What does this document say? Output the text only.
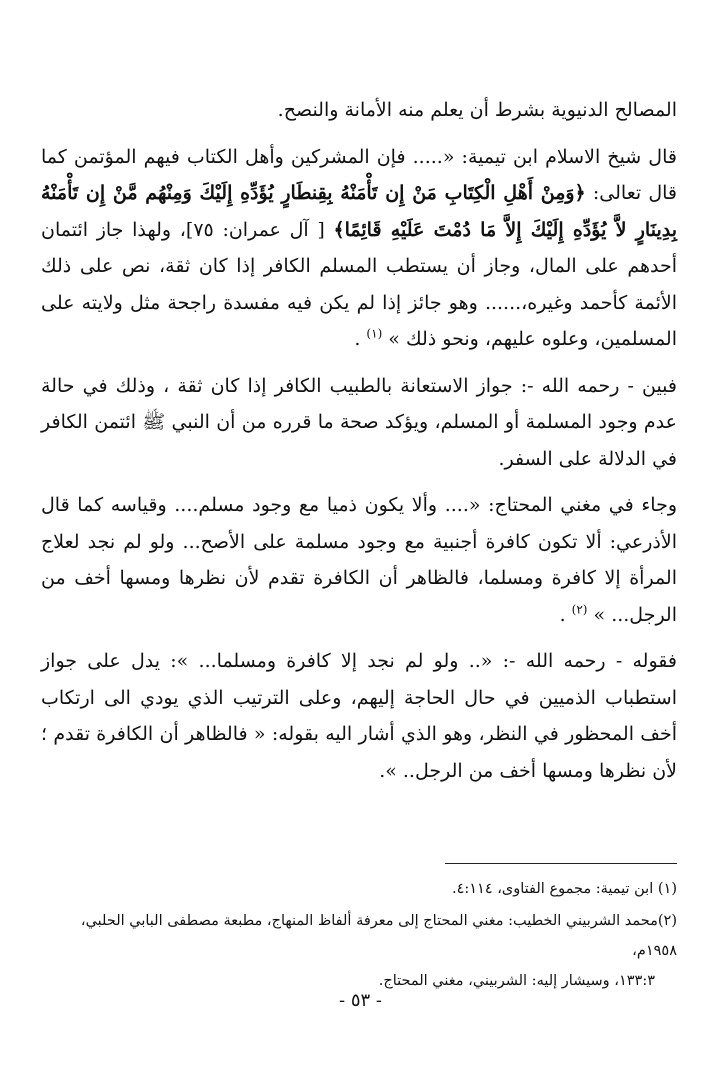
المصالح الدنيوية بشرط أن يعلم منه الأمانة والنصح.

قال شيخ الاسلام ابن تيمية: «..... فإن المشركين وأهل الكتاب فيهم المؤتمن كما قال تعالى: ﴿وَمِنْ أَهْلِ الْكِتَابِ مَنْ إِن تَأْمَنْهُ بِقِنطَارٍ يُؤَدِّهِ إِلَيْكَ وَمِنْهُم مَّنْ إِن تَأْمَنْهُ بِدِينَارٍ لاَّ يُؤَدِّهِ إِلَيْكَ إِلاَّ مَا دُمْتَ عَلَيْهِ قَائِمًا﴾ [ آل عمران: ٧٥]، ولهذا جاز ائتمان أحدهم على المال، وجاز أن يستطب المسلم الكافر إذا كان ثقة، نص على ذلك الأئمة كأحمد وغيره،...... وهو جائز إذا لم يكن فيه مفسدة راجحة مثل ولايته على المسلمين، وعلوه عليهم، ونحو ذلك » $^{(١)}$ .

فبين - رحمه الله -: جواز الاستعانة بالطبيب الكافر إذا كان ثقة ، وذلك في حالة عدم وجود المسلمة أو المسلم، ويؤكد صحة ما قرره من أن النبي ﷺ ائتمن الكافر في الدلالة على السفر.

وجاء في مغني المحتاج: «.... وألا يكون ذميا مع وجود مسلم.... وقياسه كما قال الأذرعي: ألا تكون كافرة أجنبية مع وجود مسلمة على الأصح... ولو لم نجد لعلاج المرأة إلا كافرة ومسلما، فالظاهر أن الكافرة تقدم لأن نظرها ومسها أخف من الرجل... » $^{(٢)}$ .

فقوله - رحمه الله -: «.. ولو لم نجد إلا كافرة ومسلما... »: يدل على جواز استطباب الذميين في حال الحاجة إليهم، وعلى الترتيب الذي يودي الى ارتكاب أخف المحظور في النظر، وهو الذي أشار اليه بقوله: « فالظاهر أن الكافرة تقدم ؛ لأن نظرها ومسها أخف من الرجل.. ».

(١) ابن تيمية: مجموع الفتاوى، ٤:١١٤.

(٢)محمد الشربيني الخطيب: مغني المحتاج إلى معرفة ألفاظ المنهاج، مطبعة مصطفى البابي الحلبي، ١٩٥٨م،
١٣٣:٣، وسيشار إليه: الشربيني، مغني المحتاج.

- ٥٣ -
